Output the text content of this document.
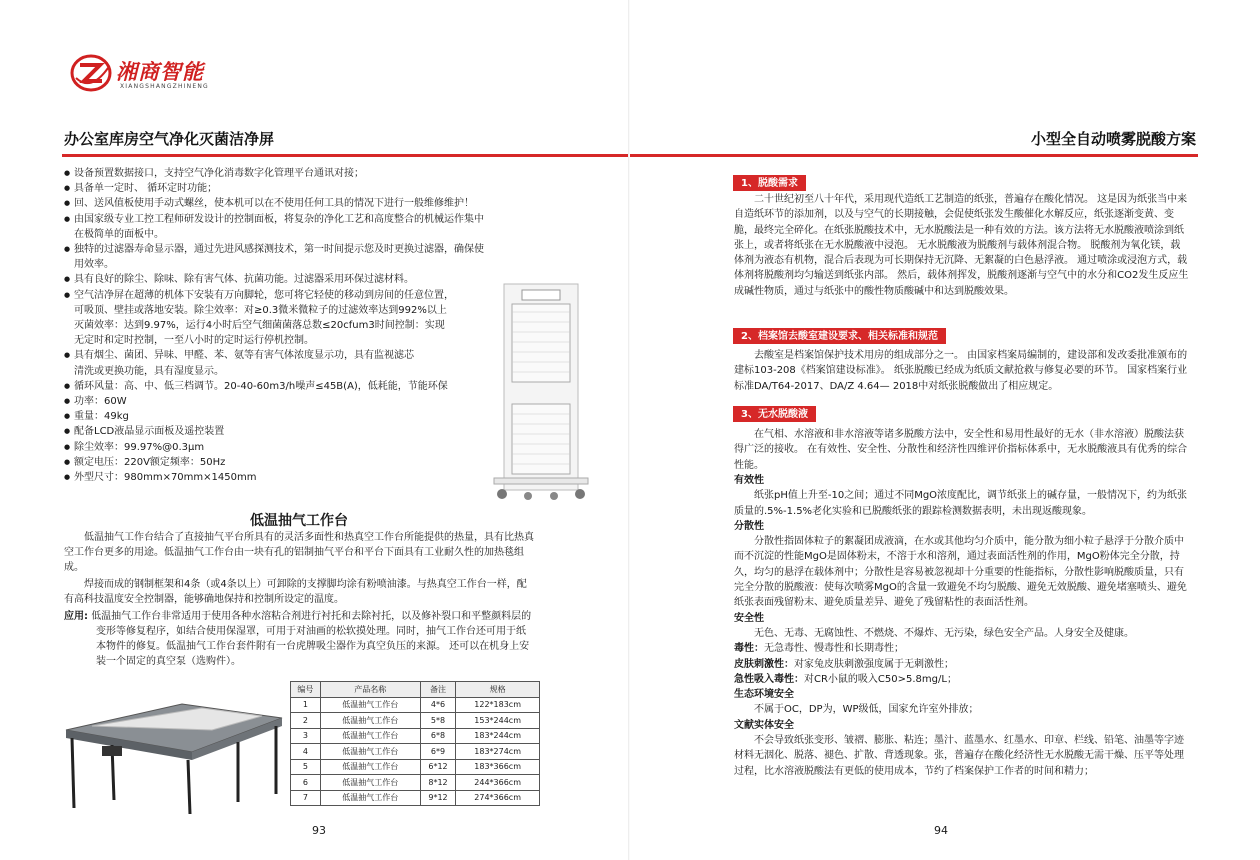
湘商智能
XIANGSHANGZHINENG
办公室库房空气净化灭菌洁净屏
● 设备预置数据接口，支持空气净化消毒数字化管理平台通讯对接；
● 具备单一定时、 循环定时功能；
● 回、送风值板使用手动式螺丝，使本机可以在不使用任何工具的情况下进行一般维修维护！
● 由国家级专业工控工程师研发设计的控制面板，将复杂的净化工艺和高度整合的机械运作集中
在极简单的面板中。
● 独特的过滤器寿命显示器，通过先进风感探测技术，第一时间提示您及时更换过滤器，确保使
用效率。
● 具有良好的除尘、除味、除有害气体、抗菌功能。过滤器采用环保过滤材料。
● 空气洁净屏在超薄的机体下安装有万向脚轮，您可将它轻使的移动到房间的任意位置，
可吸顶、壁挂或落地安装。除尘效率：对≥0.3微米微粒子的过滤效率达到992%以上
灭菌效率：达到9.97%，运行4小时后空气细菌菌落总数≤20cfum3时间控制：实现
无定时和定时控制，一至八小时的定时运行停机控制。
● 具有烟尘、菌团、异味、甲醛、苯、氨等有害气体浓度显示功，具有监视滤芯
清洗或更换功能，具有湿度显示。
● 循环风量：高、中、低三档调节。20-40-60m3/h噪声≤45B(A)，低耗能，节能环保
● 功率：60W
● 重量：49kg
● 配备LCD液晶显示面板及遥控装置
● 除尘效率：99.97%@0.3μm
● 额定电压：220V额定频率：50Hz
● 外型尺寸：980mm×70mm×1450mm
低温抽气工作台
低温抽气工作台结合了直接抽气平台所具有的灵活多面性和热真空工作台所能提供的热量，具有比热真空工作台更多的用途。低温抽气工作台由一块有孔的铝制抽气平台和平台下面具有工业耐久性的加热毯组成。
焊接而成的钢制框架和4条（或4条以上）可卸除的支撑脚均涂有粉喷油漆。与热真空工作台一样，配有高科技温度安全控制器，能够确地保持和控制所设定的温度。
应用: 低温抽气工作台非常适用于使用各种水溶粘合剂进行衬托和去除衬托，以及修补裂口和平整颜料层的变形等修复程序，如结合使用保湿罩，可用于对油画的松软摸处理。同时，抽气工作台还可用于纸本物件的修复。低温抽气工作台套件附有一台虎牌吸尘器作为真空负压的来源。 还可以在机身上安装一个固定的真空泵（选购件）。
编号	产品名称	备注	规格
1	低温抽气工作台	4*6	122*183cm
2	低温抽气工作台	5*8	153*244cm
3	低温抽气工作台	6*8	183*244cm
4	低温抽气工作台	6*9	183*274cm
5	低温抽气工作台	6*12	183*366cm
6	低温抽气工作台	8*12	244*366cm
7	低温抽气工作台	9*12	274*366cm
93
小型全自动喷雾脱酸方案
1、脱酸需求
二十世纪初至八十年代，采用现代造纸工艺制造的纸张，普遍存在酸化情况。 这是因为纸张当中来自造纸环节的添加剂，以及与空气的长期接触，会促使纸张发生酸催化水解反应，纸张逐渐变黄、变脆，最终完全碎化。在纸张脱酸技术中，无水脱酸法是一种有效的方法。该方法将无水脱酸液喷涂到纸张上，或者将纸张在无水脱酸液中浸泡。 无水脱酸液为脱酸剂与载体剂混合物。 脱酸剂为氧化镁，载体剂为液态有机物，混合后表现为可长期保持无沉降、无絮凝的白色悬浮液。 通过喷涂或浸泡方式，载体剂将脱酸剂均匀输送到纸张内部。 然后，载体剂挥发，脱酸剂逐渐与空气中的水分和CO2发生反应生成碱性物质，通过与纸张中的酸性物质酸碱中和达到脱酸效果。
2、档案馆去酸室建设要求、相关标准和规范
去酸室是档案馆保护技术用房的组成部分之一。 由国家档案局编制的，建设部和发改委批准颁布的建标103-208《档案馆建设标准》。 纸张脱酸已经成为纸质文献抢救与修复必要的环节。 国家档案行业标准DA/T64-2017、DA/Z 4.64— 2018中对纸张脱酸做出了相应规定。
3、无水脱酸液
在气相、水溶液和非水溶液等诸多脱酸方法中，安全性和易用性最好的无水（非水溶液）脱酸法获得广泛的接收。 在有效性、安全性、分散性和经济性四维评价指标体系中，无水脱酸液具有优秀的综合性能。
有效性
纸张pH值上升至-10之间；通过不同MgO浓度配比，调节纸张上的碱存量，一般情况下，约为纸张质量的.5%-1.5%老化实验和已脱酸纸张的跟踪检测数据表明，未出现返酸现象。
分散性
分散性指固体粒子的絮凝团成液滴，在水或其他均匀介质中，能分散为细小粒子悬浮于分散介质中而不沉淀的性能MgO是固体粉末，不溶于水和溶剂，通过表面活性剂的作用，MgO粉体完全分散，持久，均匀的悬浮在载体剂中；分散性是容易被忽视却十分重要的性能指标，分散性影响脱酸质量，只有完全分散的脱酸液：使每次喷雾MgO的含量一致避免不均匀脱酸、避免无效脱酸、避免堵塞喷头、避免纸张表面残留粉末、避免质量差异、避免了残留粘性的表面活性剂。
安全性
无色、无毒、无腐蚀性、不燃烧、不爆炸、无污染，绿色安全产品。人身安全及健康。
毒性：无急毒性、慢毒性和长期毒性；
皮肤刺激性：对家兔皮肤刺激强度属于无刺激性；
急性吸入毒性：对CR小鼠的吸入C50>5.8mg/L；
生态环境安全
不属于OC，DP为，WP级低，国家允许室外排放；
文献实体安全
不会导致纸张变形、皱褶、膨胀、粘连；墨汁、蓝墨水、红墨水、印章、栏线、铅笔、油墨等字迹材料无洇化、脱落、褪色、扩散、背透现象。张，普遍存在酸化经济性无水脱酸无需干燥、压平等处理过程，比水溶液脱酸法有更低的使用成本，节约了档案保护工作者的时间和精力；
94
